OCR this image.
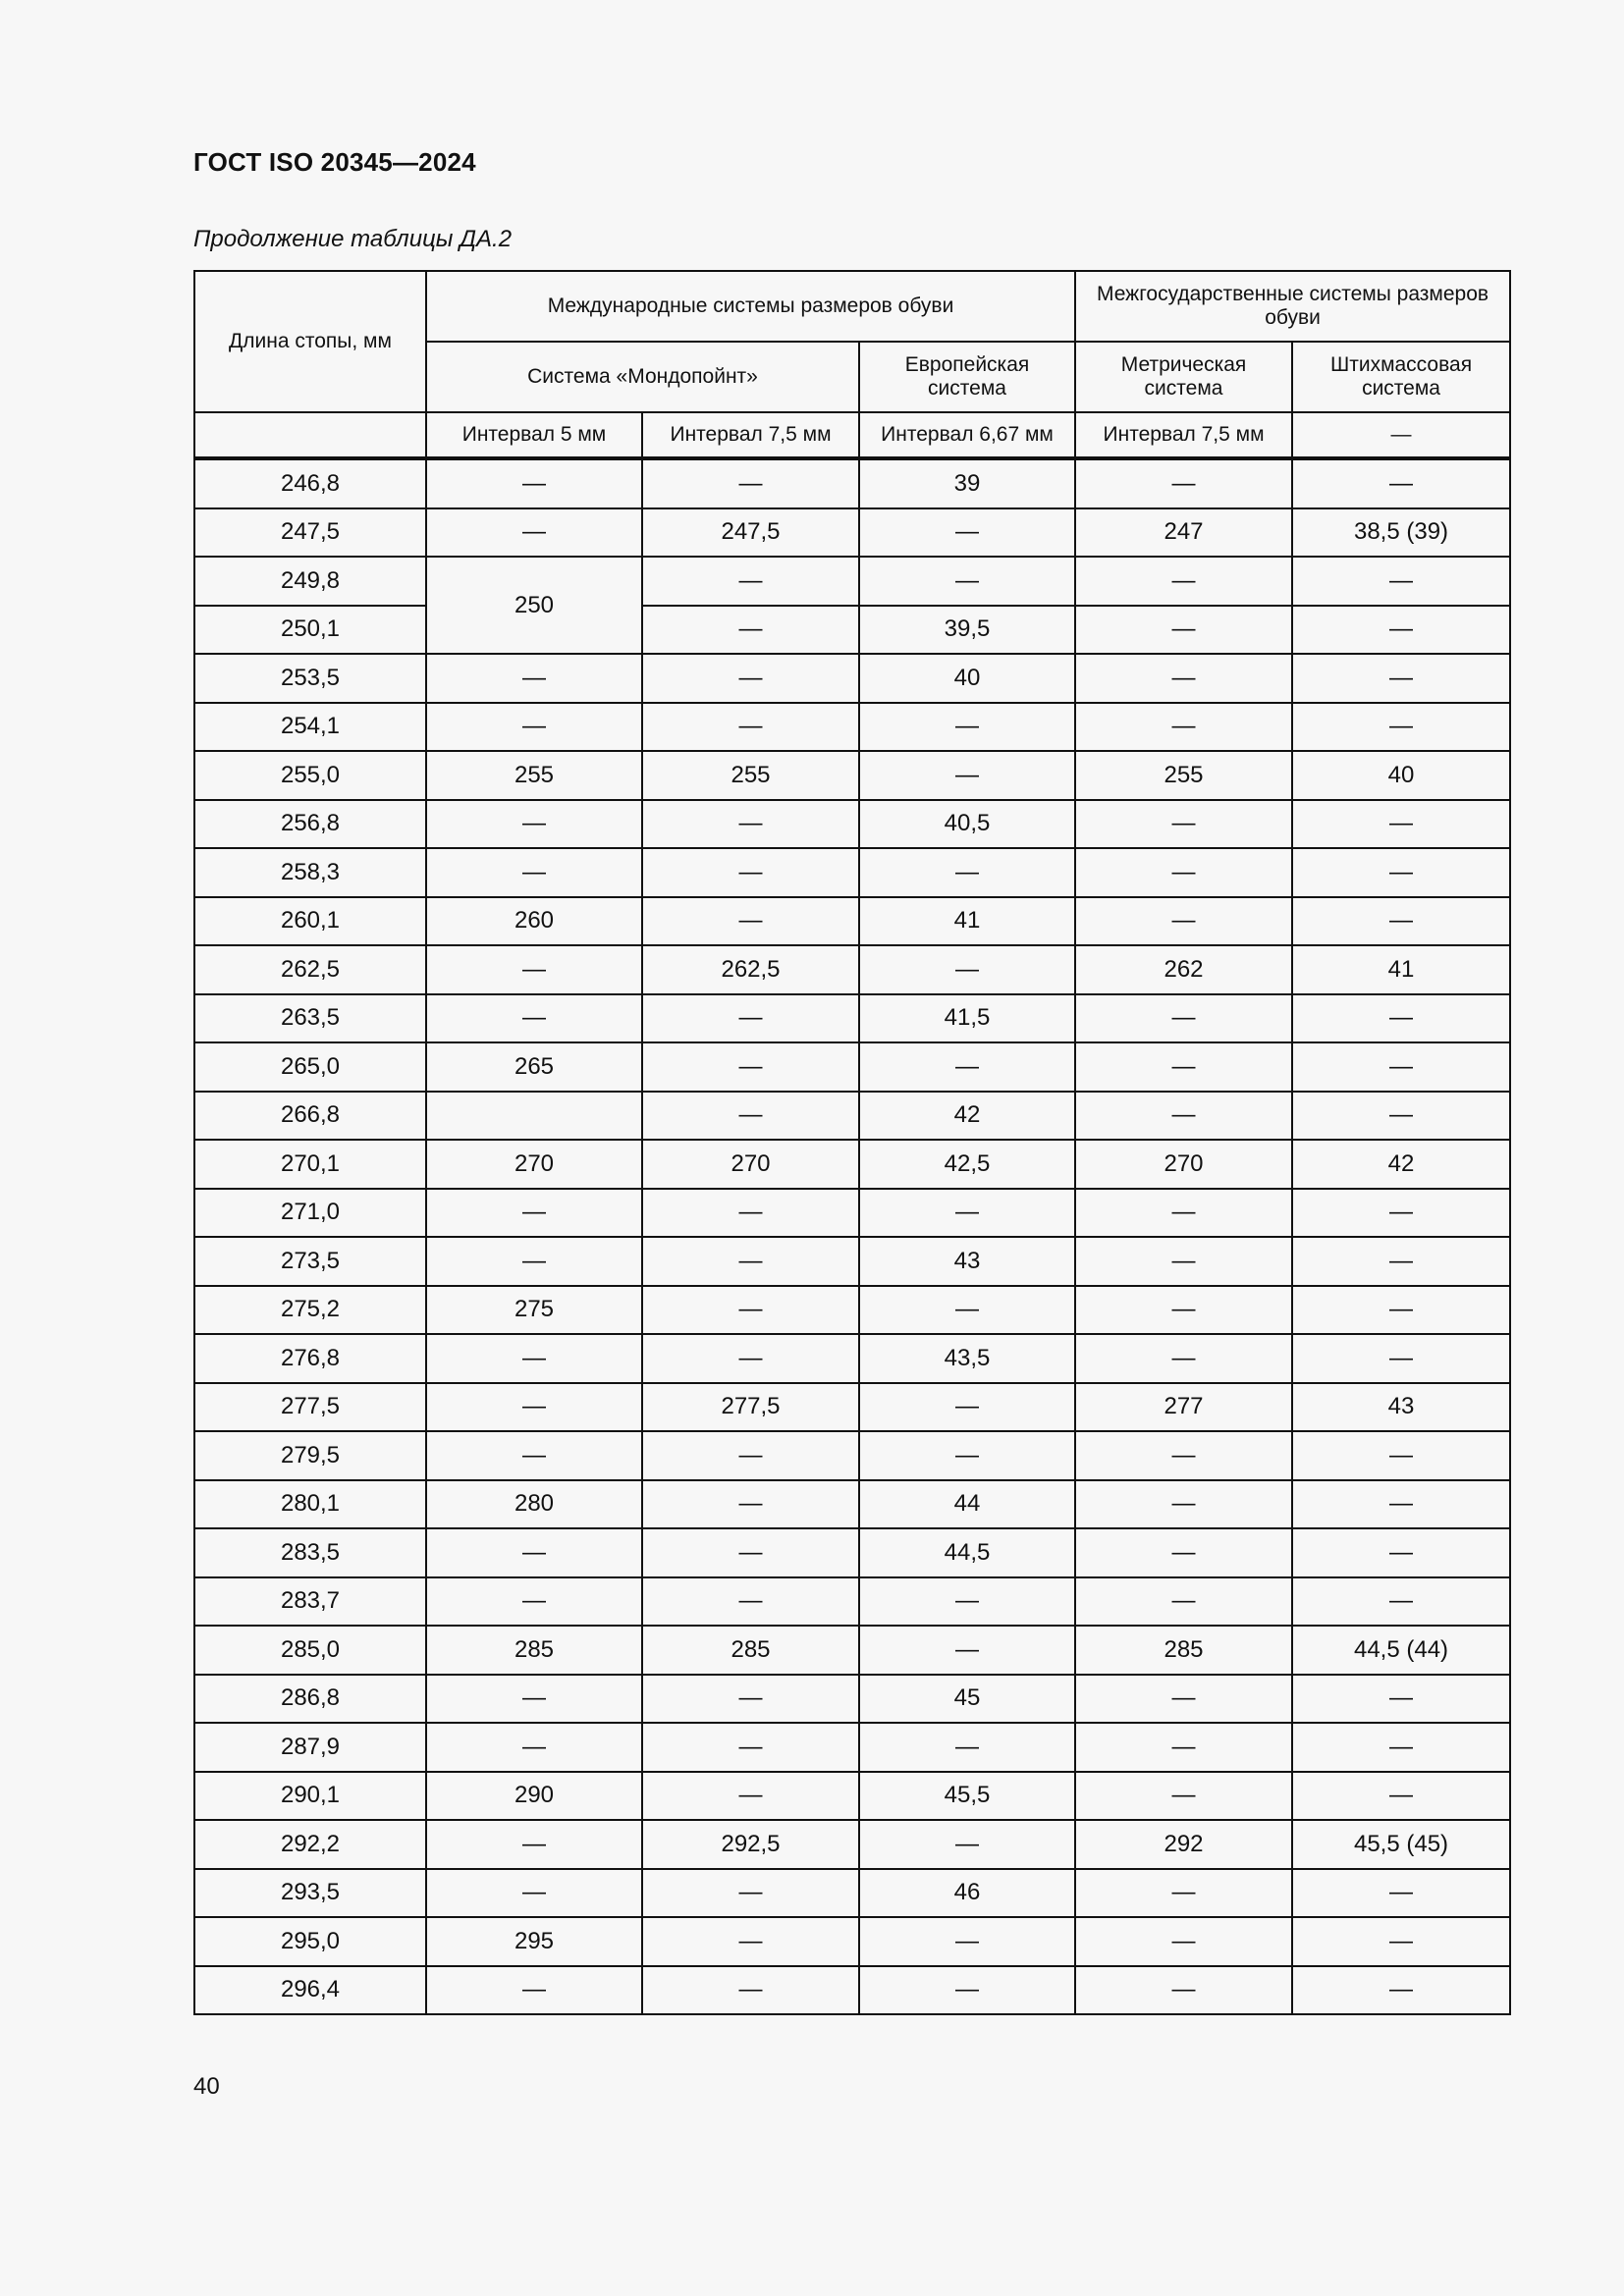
ГОСТ ISO 20345—2024
Продолжение таблицы ДА.2
Длина стопы, мм	Международные системы размеров обуви			Межгосударственные системы размеров обуви	
	Система «Мондопойнт»		Европейская система	Метрическая система	Штихмассовая система
	Интервал 5 мм	Интервал 7,5 мм	Интервал 6,67 мм	Интервал 7,5 мм	—
246,8	—	—	39	—	—
247,5	—	247,5	—	247	38,5 (39)
249,8	250	—	—	—	—
250,1		—	39,5	—	—
253,5	—	—	40	—	—
254,1	—	—	—	—	—
255,0	255	255	—	255	40
256,8	—	—	40,5	—	—
258,3	—	—	—	—	—
260,1	260	—	41	—	—
262,5	—	262,5	—	262	41
263,5	—	—	41,5	—	—
265,0	265	—	—	—	—
266,8		—	42	—	—
270,1	270	270	42,5	270	42
271,0	—	—	—	—	—
273,5	—	—	43	—	—
275,2	275	—	—	—	—
276,8	—	—	43,5	—	—
277,5	—	277,5	—	277	43
279,5	—	—	—	—	—
280,1	280	—	44	—	—
283,5	—	—	44,5	—	—
283,7	—	—	—	—	—
285,0	285	285	—	285	44,5 (44)
286,8	—	—	45	—	—
287,9	—	—	—	—	—
290,1	290	—	45,5	—	—
292,2	—	292,5	—	292	45,5 (45)
293,5	—	—	46	—	—
295,0	295	—	—	—	—
296,4	—	—	—	—	—
40
